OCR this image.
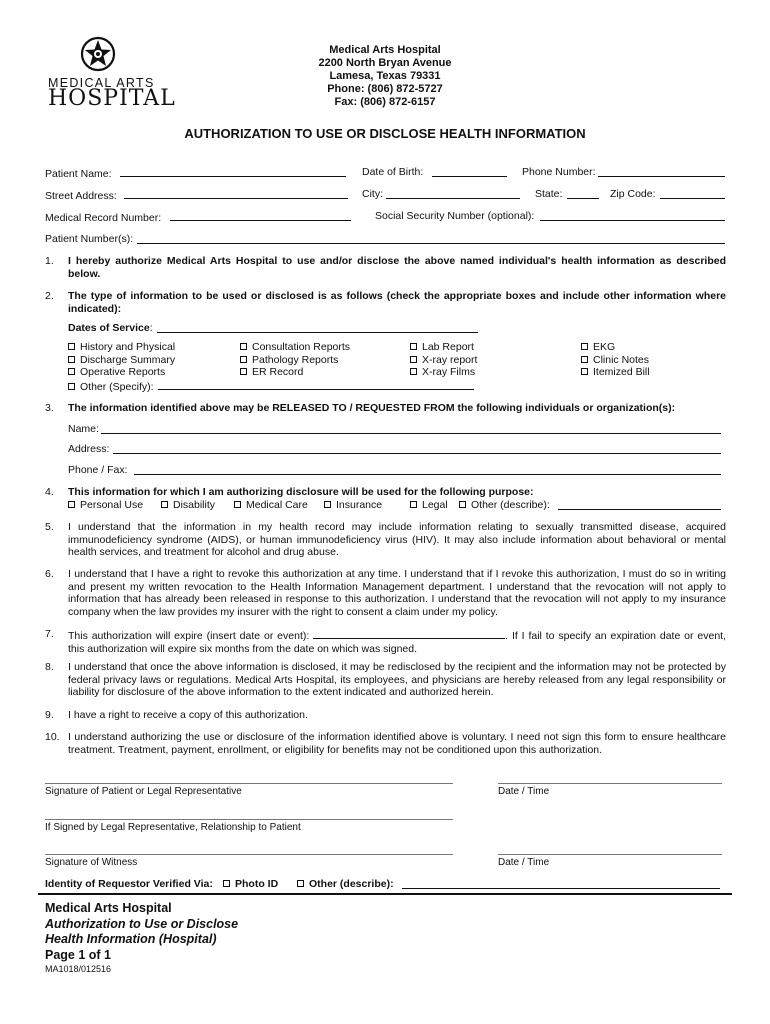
MEDICAL ARTS
HOSPITAL
Medical Arts Hospital
2200 North Bryan Avenue
Lamesa, Texas 79331
Phone: (806) 872-5727
Fax: (806) 872-6157
AUTHORIZATION TO USE OR DISCLOSE HEALTH INFORMATION
Patient Name:	Date of Birth:	Phone Number:
Street Address:	City:	State:	Zip Code:
Medical Record Number:	Social Security Number (optional):
Patient Number(s):
1. I hereby authorize Medical Arts Hospital to use and/or disclose the above named individual's health information as described below.
2. The type of information to be used or disclosed is as follows (check the appropriate boxes and include other information where indicated):
Dates of Service:
History and Physical
Discharge Summary
Operative Reports
Other (Specify):
Consultation Reports
Pathology Reports
ER Record
Lab Report
X-ray report
X-ray Films
EKG
Clinic Notes
Itemized Bill
3. The information identified above may be RELEASED TO / REQUESTED FROM the following individuals or organization(s):
Name:
Address:
Phone / Fax:
4. This information for which I am authorizing disclosure will be used for the following purpose:
Personal Use	Disability	Medical Care	Insurance	Legal	Other (describe):
5. I understand that the information in my health record may include information relating to sexually transmitted disease, acquired immunodeficiency syndrome (AIDS), or human immunodeficiency virus (HIV). It may also include information about behavioral or mental health services, and treatment for alcohol and drug abuse.
6. I understand that I have a right to revoke this authorization at any time. I understand that if I revoke this authorization, I must do so in writing and present my written revocation to the Health Information Management department. I understand that the revocation will not apply to information that has already been released in response to this authorization. I understand that the revocation will not apply to my insurance company when the law provides my insurer with the right to consent a claim under my policy.
7. This authorization will expire (insert date or event):	. If I fail to specify an expiration date or event, this authorization will expire six months from the date on which was signed.
8. I understand that once the above information is disclosed, it may be redisclosed by the recipient and the information may not be protected by federal privacy laws or regulations. Medical Arts Hospital, its employees, and physicians are hereby released from any legal responsibility or liability for disclosure of the above information to the extent indicated and authorized herein.
9. I have a right to receive a copy of this authorization.
10. I understand authorizing the use or disclosure of the information identified above is voluntary. I need not sign this form to ensure healthcare treatment. Treatment, payment, enrollment, or eligibility for benefits may not be conditioned upon this authorization.
Signature of Patient or Legal Representative	Date / Time
If Signed by Legal Representative, Relationship to Patient
Signature of Witness	Date / Time
Identity of Requestor Verified Via:	Photo ID	Other (describe):
Medical Arts Hospital
Authorization to Use or Disclose
Health Information (Hospital)
Page 1 of 1
MA1018/012516
